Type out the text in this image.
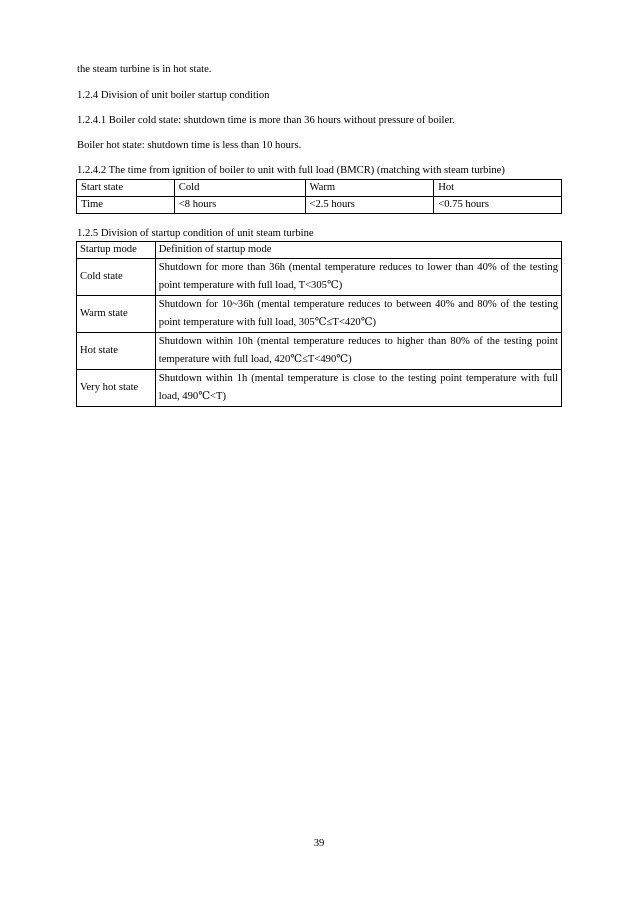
the steam turbine is in hot state.
1.2.4 Division of unit boiler startup condition
1.2.4.1 Boiler cold state: shutdown time is more than 36 hours without pressure of boiler.
Boiler hot state: shutdown time is less than 10 hours.
1.2.4.2 The time from ignition of boiler to unit with full load (BMCR) (matching with steam turbine)
Start state	Cold	Warm	Hot
Time	<8 hours	<2.5 hours	<0.75 hours
1.2.5 Division of startup condition of unit steam turbine
Startup mode	Definition of startup mode
Cold state	Shutdown for more than 36h (mental temperature reduces to lower than 40% of the testing point temperature with full load, T<305℃)
Warm state	Shutdown for 10~36h (mental temperature reduces to between 40% and 80% of the testing point temperature with full load, 305℃≤T<420℃)
Hot state	Shutdown within 10h (mental temperature reduces to higher than 80% of the testing point temperature with full load, 420℃≤T<490℃)
Very hot state	Shutdown within 1h (mental temperature is close to the testing point temperature with full load, 490℃<T)
39
